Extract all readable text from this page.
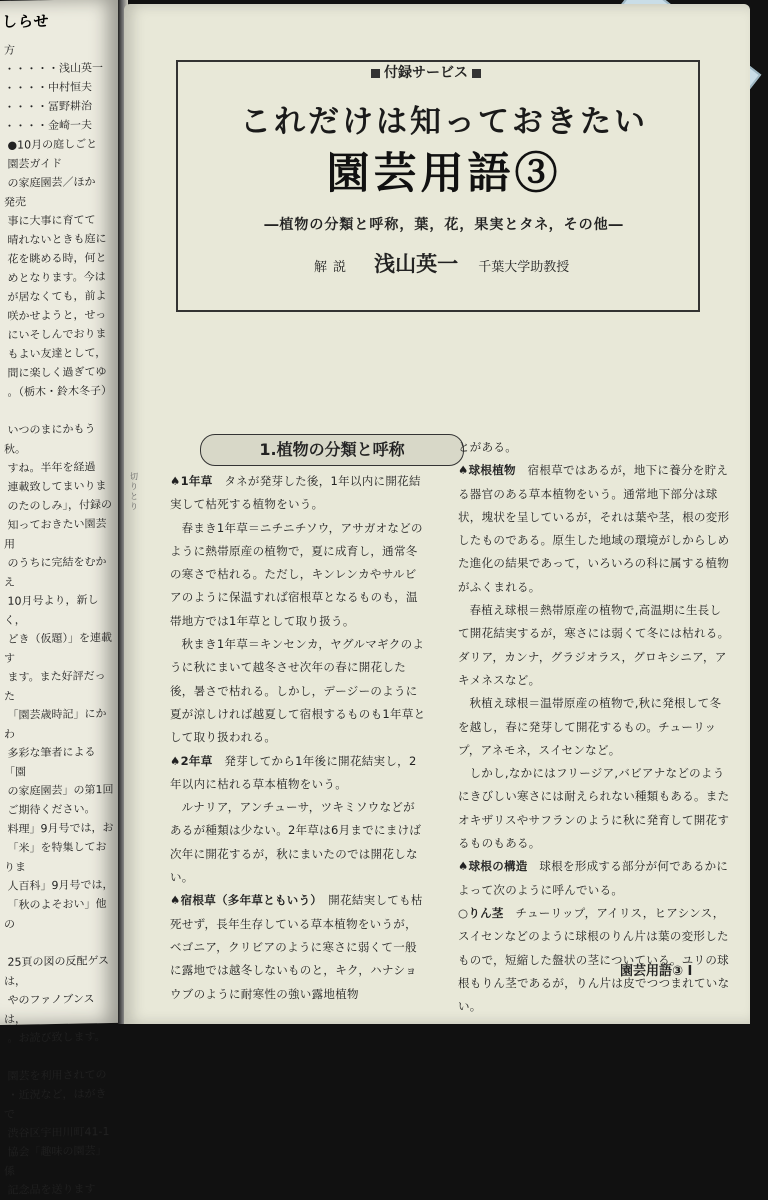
しらせ
方
・・・・・浅山英一
・・・・中村恒夫
・・・・冨野耕治
・・・・金崎一夫
●10月の庭しごと
園芸ガイド
の家庭園芸／ほか
発売
事に大事に育てて
晴れないときも庭に
花を眺める時，何と
めとなります。今は
が居なくても，前よ
咲かせようと，せっ
にいそしんでおりま
もよい友達として，
間に楽しく過ぎてゆ
。（栃木・鈴木冬子）

いつのまにかもう秋。
すね。半年を経過
連載致してまいりま
のたのしみ」，付録の
知っておきたい園芸用
のうちに完結をむかえ
10月号より，新しく，
どき（仮題）」を連載す
ます。また好評だった
「園芸歳時記」にかわ
多彩な筆者による「園
の家庭園芸」の第1回
ご期待ください。
料理」9月号では，お
「米」を特集しておりま
人百科」9月号では，
「秋のよそおい」他の

25頁の図の反配ゲスは，
やのファノブンスは，
。お読び致します。

園芸を利用されての
・近況など，はがきで
渋谷区宇田川町41-1
協会「趣味の園芸」係
記念品を送ります
付録サービス
これだけは知っておきたい
園芸用語③
―植物の分類と呼称，葉，花，果実とタネ，その他―
解説 浅山英一 千葉大学助教授
切りとり
1.植物の分類と呼称

♠1年草　 タネが発芽した後，1年以内に開花結実して枯死する植物をいう。

春まき1年草＝ニチニチソウ，アサガオなどのように熱帯原産の植物で，夏に成育し，通常冬の寒さで枯れる。ただし，キンレンカやサルビアのように保温すれば宿根草となるものも，温帯地方では1年草として取り扱う。

秋まき1年草＝キンセンカ，ヤグルマギクのように秋にまいて越冬させ次年の春に開花した後，暑さで枯れる。しかし，デージーのように夏が涼しければ越夏して宿根するものも1年草として取り扱われる。

♠2年草　 発芽してから1年後に開花結実し，2年以内に枯れる草本植物をいう。

ルナリア，アンチューサ，ツキミソウなどがあるが種類は少ない。2年草は6月までにまけば次年に開花するが，秋にまいたのでは開花しない。

♠宿根草（多年草ともいう）　 開花結実しても枯死せず，長年生存している草本植物をいうが，ベゴニア，クリビアのように寒さに弱くて一般に露地では越冬しないものと，キク，ハナショウブのように耐寒性の強い露地植物

とがある。

♠球根植物　 宿根草ではあるが，地下に養分を貯える器官のある草本植物をいう。通常地下部分は球状，塊状を呈しているが，それは葉や茎，根の変形したものである。原生した地域の環境がしからしめた進化の結果であって，いろいろの科に属する植物がふくまれる。

春植え球根＝熱帯原産の植物で,高温期に生長して開花結実するが，寒さには弱くて冬には枯れる。ダリア，カンナ，グラジオラス，グロキシニア，アキメネスなど。

秋植え球根＝温帯原産の植物で,秋に発根して冬を越し，春に発芽して開花するもの。チューリップ，アネモネ，スイセンなど。

しかし,なかにはフリージア,バビアナなどのようにきびしい寒さには耐えられない種類もある。またオキザリスやサフランのように秋に発育して開花するものもある。

♠球根の構造　 球根を形成する部分が何であるかによって次のように呼んでいる。

○りん茎　 チューリップ，アイリス，ヒアシンス，スイセンなどのように球根のりん片は葉の変形したもので，短縮した盤状の茎についている。ユリの球根もりん茎であるが，りん片は皮でつつまれていない。

園芸用語③ Ⅰ
